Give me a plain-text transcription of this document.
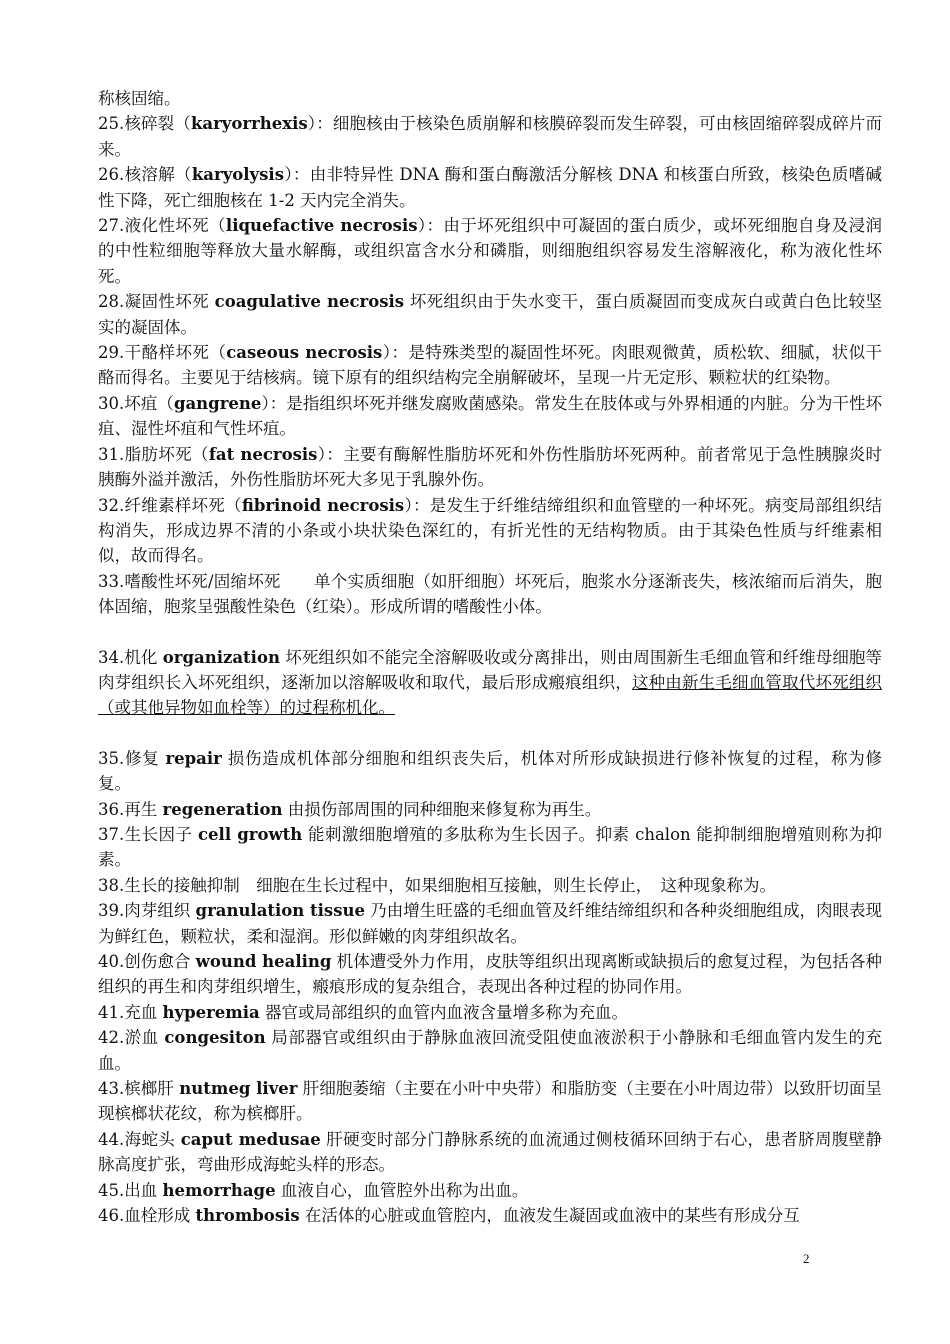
称核固缩。

25.核碎裂（karyorrhexis）：细胞核由于核染色质崩解和核膜碎裂而发生碎裂，可由核固缩碎裂成碎片而来。

26.核溶解（karyolysis）：由非特异性 DNA 酶和蛋白酶激活分解核 DNA 和核蛋白所致，核染色质嗜碱性下降，死亡细胞核在 1-2 天内完全消失。

27.液化性坏死（liquefactive necrosis）：由于坏死组织中可凝固的蛋白质少，或坏死细胞自身及浸润的中性粒细胞等释放大量水解酶，或组织富含水分和磷脂，则细胞组织容易发生溶解液化，称为液化性坏死。

28.凝固性坏死 coagulative necrosis 坏死组织由于失水变干，蛋白质凝固而变成灰白或黄白色比较坚实的凝固体。

29.干酪样坏死（caseous necrosis）：是特殊类型的凝固性坏死。肉眼观微黄，质松软、细腻，状似干酪而得名。主要见于结核病。镜下原有的组织结构完全崩解破坏，呈现一片无定形、颗粒状的红染物。

30.坏疽（gangrene）：是指组织坏死并继发腐败菌感染。常发生在肢体或与外界相通的内脏。分为干性坏疽、湿性坏疽和气性坏疽。

31.脂肪坏死（fat necrosis）：主要有酶解性脂肪坏死和外伤性脂肪坏死两种。前者常见于急性胰腺炎时胰酶外溢并激活，外伤性脂肪坏死大多见于乳腺外伤。

32.纤维素样坏死（fibrinoid necrosis）：是发生于纤维结缔组织和血管壁的一种坏死。病变局部组织结构消失，形成边界不清的小条或小块状染色深红的，有折光性的无结构物质。由于其染色性质与纤维素相似，故而得名。

33.嗜酸性坏死/固缩坏死　　单个实质细胞（如肝细胞）坏死后，胞浆水分逐渐丧失，核浓缩而后消失，胞体固缩，胞浆呈强酸性染色（红染）。形成所谓的嗜酸性小体。

34.机化 organization 坏死组织如不能完全溶解吸收或分离排出，则由周围新生毛细血管和纤维母细胞等肉芽组织长入坏死组织，逐渐加以溶解吸收和取代，最后形成瘢痕组织，这种由新生毛细血管取代坏死组织（或其他异物如血栓等）的过程称机化。

35.修复 repair 损伤造成机体部分细胞和组织丧失后，机体对所形成缺损进行修补恢复的过程，称为修复。

36.再生 regeneration 由损伤部周围的同种细胞来修复称为再生。

37.生长因子 cell growth 能刺激细胞增殖的多肽称为生长因子。抑素 chalon 能抑制细胞增殖则称为抑素。

38.生长的接触抑制　细胞在生长过程中，如果细胞相互接触，则生长停止，　这种现象称为。

39.肉芽组织 granulation tissue 乃由增生旺盛的毛细血管及纤维结缔组织和各种炎细胞组成，肉眼表现为鲜红色，颗粒状，柔和湿润。形似鲜嫩的肉芽组织故名。

40.创伤愈合 wound healing 机体遭受外力作用，皮肤等组织出现离断或缺损后的愈复过程，为包括各种组织的再生和肉芽组织增生，瘢痕形成的复杂组合，表现出各种过程的协同作用。

41.充血 hyperemia 器官或局部组织的血管内血液含量增多称为充血。

42.淤血 congesiton 局部器官或组织由于静脉血液回流受阻使血液淤积于小静脉和毛细血管内发生的充血。

43.槟榔肝 nutmeg liver 肝细胞萎缩（主要在小叶中央带）和脂肪变（主要在小叶周边带）以致肝切面呈现槟榔状花纹，称为槟榔肝。

44.海蛇头 caput medusae 肝硬变时部分门静脉系统的血流通过侧枝循环回纳于右心，患者脐周腹壁静脉高度扩张，弯曲形成海蛇头样的形态。

45.出血 hemorrhage 血液自心，血管腔外出称为出血。

46.血栓形成 thrombosis 在活体的心脏或血管腔内，血液发生凝固或血液中的某些有形成分互

2
